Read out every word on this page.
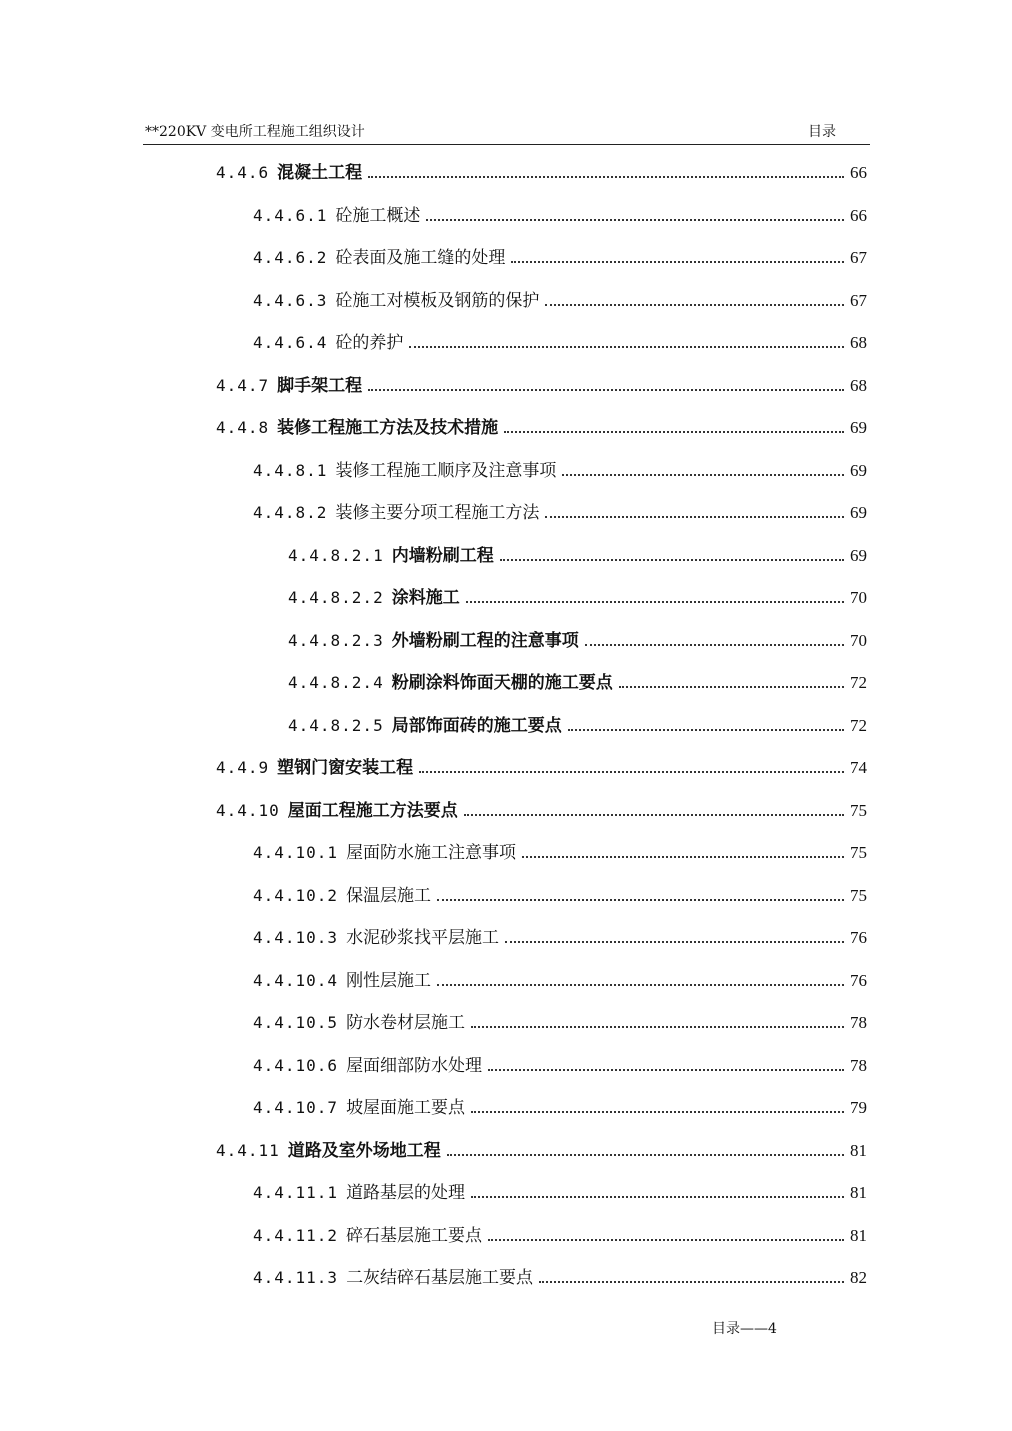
**220KV 变电所工程施工组织设计	目录
4.4.6 混凝土工程	66
4.4.6.1 砼施工概述	66
4.4.6.2 砼表面及施工缝的处理	67
4.4.6.3 砼施工对模板及钢筋的保护	67
4.4.6.4 砼的养护	68
4.4.7 脚手架工程	68
4.4.8 装修工程施工方法及技术措施	69
4.4.8.1 装修工程施工顺序及注意事项	69
4.4.8.2 装修主要分项工程施工方法	69
4.4.8.2.1 内墙粉刷工程	69
4.4.8.2.2 涂料施工	70
4.4.8.2.3 外墙粉刷工程的注意事项	70
4.4.8.2.4 粉刷涂料饰面天棚的施工要点	72
4.4.8.2.5 局部饰面砖的施工要点	72
4.4.9 塑钢门窗安装工程	74
4.4.10 屋面工程施工方法要点	75
4.4.10.1 屋面防水施工注意事项	75
4.4.10.2 保温层施工	75
4.4.10.3 水泥砂浆找平层施工	76
4.4.10.4 刚性层施工	76
4.4.10.5 防水卷材层施工	78
4.4.10.6 屋面细部防水处理	78
4.4.10.7 坡屋面施工要点	79
4.4.11 道路及室外场地工程	81
4.4.11.1 道路基层的处理	81
4.4.11.2 碎石基层施工要点	81
4.4.11.3 二灰结碎石基层施工要点	82
目录——4
